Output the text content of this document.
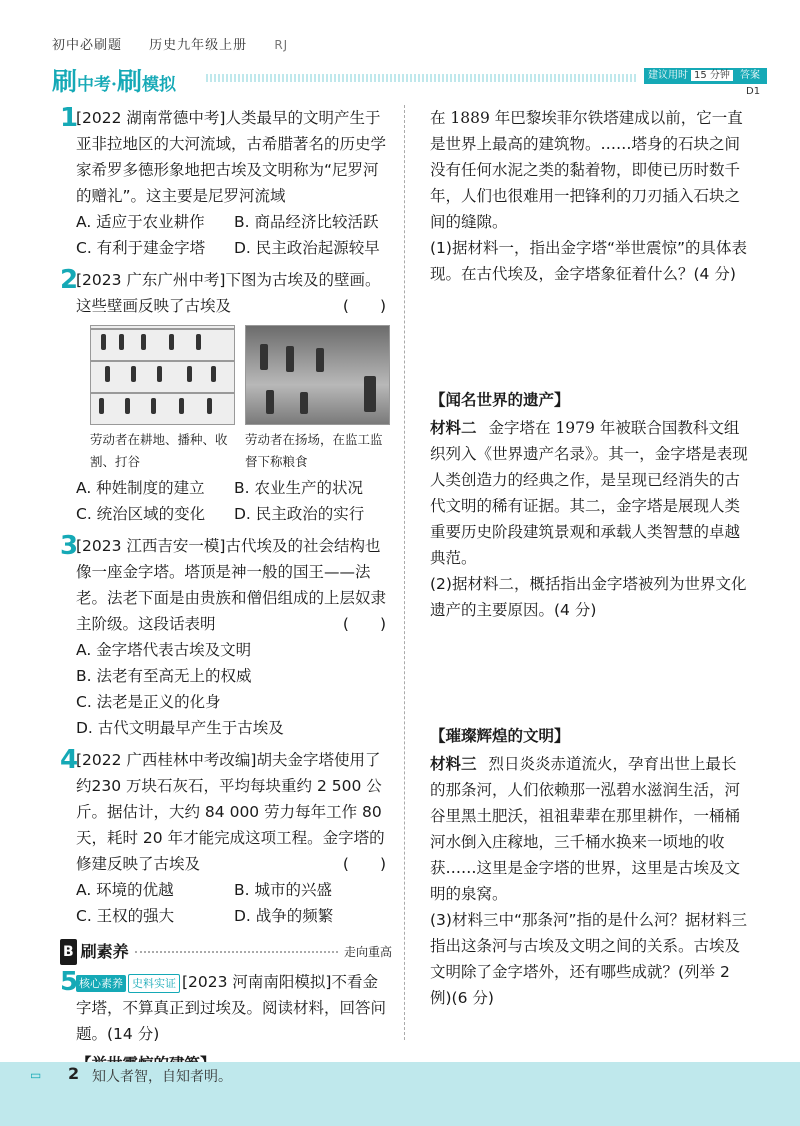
初中必刷题 历史九年级上册 RJ
刷中考·刷模拟	建议用时 15 分钟	答案D1
1
[2022 湖南常德中考]人类最早的文明产生于亚非拉地区的大河流域，古希腊著名的历史学家希罗多德形象地把古埃及文明称为“尼罗河的赠礼”。这主要是尼罗河流域
A. 适应于农业耕作	B. 商品经济比较活跃
C. 有利于建金字塔	D. 民主政治起源较早
2
[2023 广东广州中考]下图为古埃及的壁画。这些壁画反映了古埃及	(　　)
劳动者在耕地、播种、收割、打谷
劳动者在扬场，在监工监督下称粮食
A. 种姓制度的建立	B. 农业生产的状况
C. 统治区域的变化	D. 民主政治的实行
3
[2023 江西吉安一模]古代埃及的社会结构也像一座金字塔。塔顶是神一般的国王——法老。法老下面是由贵族和僧侣组成的上层奴隶主阶级。这段话表明	(　　)
A. 金字塔代表古埃及文明
B. 法老有至高无上的权威
C. 法老是正义的化身
D. 古代文明最早产生于古埃及
4
[2022 广西桂林中考改编]胡夫金字塔使用了约230 万块石灰石，平均每块重约 2 500 公斤。据估计，大约 84 000 劳力每年工作 80 天，耗时 20 年才能完成这项工程。金字塔的修建反映了古埃及	(　　)
A. 环境的优越	B. 城市的兴盛
C. 王权的强大	D. 战争的频繁
B 刷素养	走向重高
5 核心素养 史料实证 [2023 河南南阳模拟]不看金字塔，不算真正到过埃及。阅读材料，回答问题。(14 分)
在 1889 年巴黎埃菲尔铁塔建成以前，它一直是世界上最高的建筑物。……塔身的石块之间没有任何水泥之类的黏着物，即使已历时数千年，人们也很难用一把锋利的刀刃插入石块之间的缝隙。
(1)据材料一，指出金字塔“举世震惊”的具体表现。在古代埃及，金字塔象征着什么？(4 分)
【闻名世界的遗产】
材料二 金字塔在 1979 年被联合国教科文组织列入《世界遗产名录》。其一，金字塔是表现人类创造力的经典之作，是呈现已经消失的古代文明的稀有证据。其二，金字塔是展现人类重要历史阶段建筑景观和承载人类智慧的卓越典范。
(2)据材料二，概括指出金字塔被列为世界文化遗产的主要原因。(4 分)
【璀璨辉煌的文明】
材料三 烈日炎炎赤道流火，孕育出世上最长的那条河，人们依赖那一泓碧水滋润生活，河谷里黑土肥沃，祖祖辈辈在那里耕作，一桶桶河水倒入庄稼地，三千桶水换来一顷地的收获……这里是金字塔的世界，这里是古埃及文明的泉窝。
(3)材料三中“那条河”指的是什么河？据材料三指出这条河与古埃及文明之间的关系。古埃及文明除了金字塔外，还有哪些成就？(列举 2 例)(6 分)
▭ 2 知人者智，自知者明。
